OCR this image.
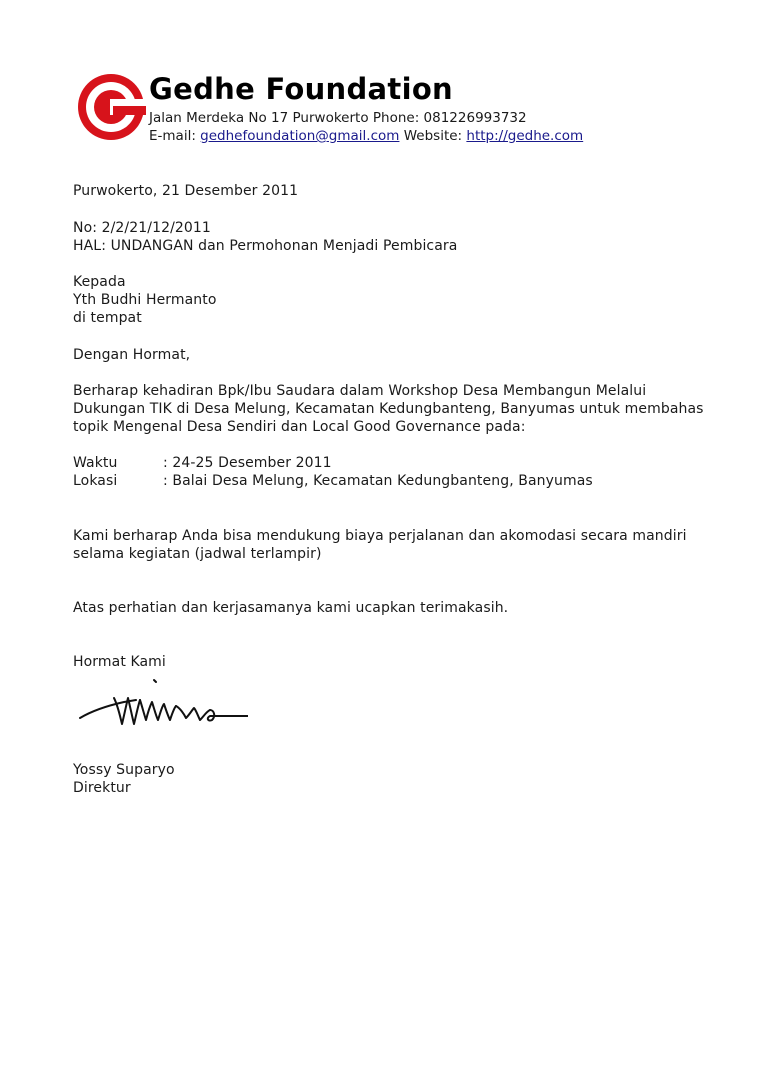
Gedhe Foundation
Jalan Merdeka No 17 Purwokerto Phone: 081226993732
E-mail: gedhefoundation@gmail.com Website: http://gedhe.com
Purwokerto, 21 Desember 2011
No: 2/2/21/12/2011
HAL: UNDANGAN dan Permohonan Menjadi Pembicara
Kepada
Yth Budhi Hermanto
di tempat
Dengan Hormat,
Berharap kehadiran Bpk/Ibu Saudara dalam Workshop Desa Membangun Melalui
Dukungan TIK di Desa Melung, Kecamatan Kedungbanteng, Banyumas untuk membahas
topik Mengenal Desa Sendiri dan Local Good Governance pada:
Waktu	: 24-25 Desember 2011
Lokasi	: Balai Desa Melung, Kecamatan Kedungbanteng, Banyumas
Kami berharap Anda bisa mendukung biaya perjalanan dan akomodasi secara mandiri
selama kegiatan (jadwal terlampir)
Atas perhatian dan kerjasamanya kami ucapkan terimakasih.
Hormat Kami
Yossy Suparyo
Direktur
